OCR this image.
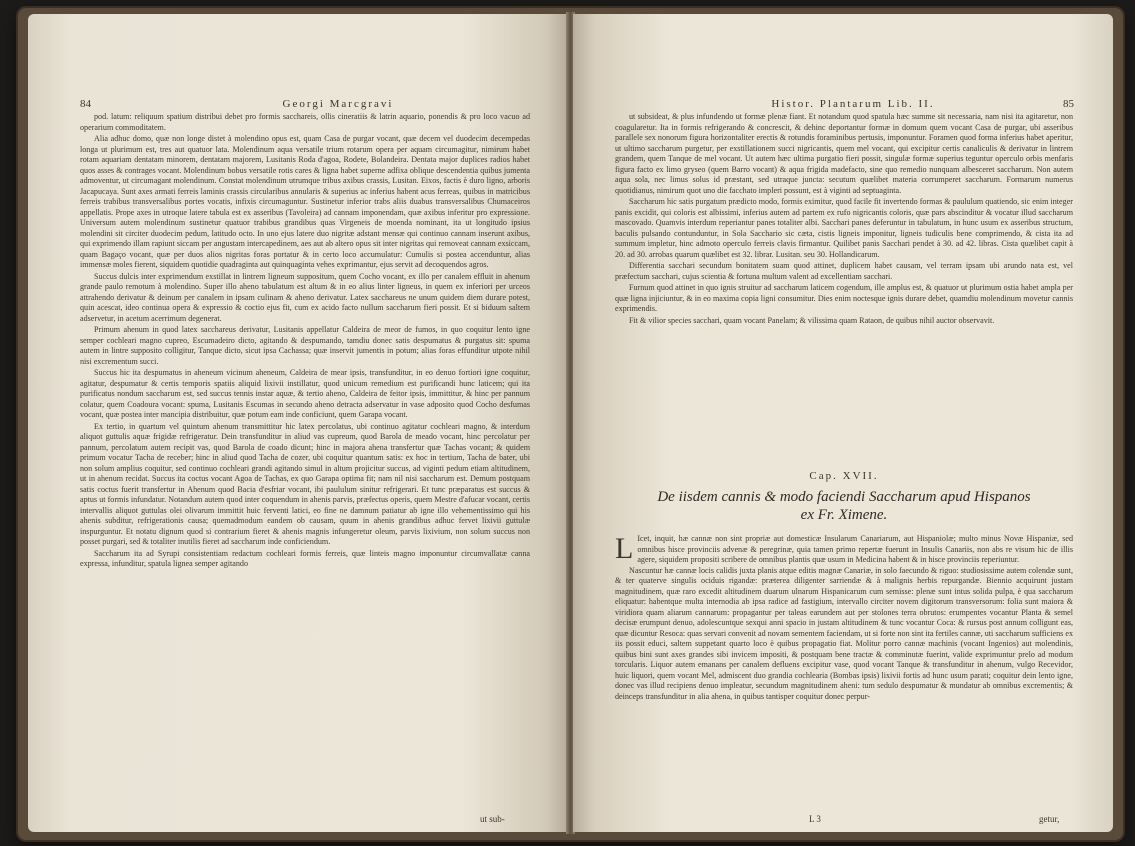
84	Georgi Marcgravi

pod. latum: reliquum spatium distribui debet pro formis sacchareis, ollis cineratiis & latrin aquario, ponendis & pro loco vacuo ad operarium commoditatem.

Alia adhuc domo, quæ non longe distet à molendino opus est, quam Casa de purgar vocant, quæ decem vel duodecim decempedas longa ut plurimum est, tres aut quatuor lata. Molendinum aqua versatile trium rotarum opera per aquam circumagitur, nimirum habet rotam aquariam dentatam minorem, dentatam majorem, Lusitanis Roda d'agoa, Rodete, Bolandeira. Dentata major duplices radios habet quos asses & contrages vocant. Molendinum bobus versatile rotis cares & ligna habet superne adfixa oblique descendentia quibus jumenta admoventur, ut circumagant molendinum. Constat molendinum utrumque tribus axibus crassis, Lusitan. Eixos, factis è duro ligno, arboris Jacapucaya. Sunt axes armati ferreis laminis crassis circularibus annularis & superius ac inferius habent acus ferreas, quibus in matricibus ferreis trabibus transversalibus portes vocatis, infixis circumaguntur. Sustinetur inferior trabs aliis duabus transversalibus Chumaceiros appellatis. Prope axes in utroque latere tabula est ex asseribus (Tavoleira) ad cannam imponendam, quæ axibus inferitur pro expressione. Universum autem molendinum sustinetur quatuor trabibus grandibus quas Virgeneis de moenda nominant, ita ut longitudo ipsius molendini sit circiter duodecim pedum, latitudo octo. In uno ejus latere duo nigritæ adstant mensæ qui continuo cannam inserunt axibus, qui exprimendo illam rapiunt siccam per angustam intercapedinem, aes aut ab altero opus sit inter nigritas qui removeat cannam exsiccam, quam Bagaço vocant, quæ per duos alios nigritas foras portatur & in certo loco accumulatur: Cumulis si postea accenduntur, alias immensæ moles fierent, siquidem quotidie quadraginta aut quinquaginta vehes exprimantur, ejus servit ad decoquendos agros.

Succus dulcis inter exprimendum exstillat in lintrem ligneum suppositum, quem Cocho vocant, ex illo per canalem effluit in ahenum grande paulo remotum à molendino. Super illo aheno tabulatum est altum & in eo alius linter ligneus, in quem ex inferiori per urceos attrahendo derivatur & deinum per canalem in ipsam culinam & aheno derivatur. Latex sacchareus ne unum quidem diem durare potest, quin acescat, ideo continua opera & expressio & coctio ejus fit, cum ex acido facto nullum saccharum fieri possit. Et si biduum saltem adservetur, in acetum acerrimum degenerat.

Primum ahenum in quod latex sacchareus derivatur, Lusitanis appellatur Caldeira de meor de fumos, in quo coquitur lento igne semper cochleari magno cupreo, Escumadeiro dicto, agitando & despumando, tamdiu donec satis despumatus & purgatus sit: spuma autem in lintre supposito colligitur, Tanque dicto, sicut ipsa Cachassa; quæ inservit jumentis in potum; alias foras effunditur utpote nihil nisi excrementum succi.

Succus hic ita despumatus in aheneum vicinum aheneum, Caldeira de mear ipsis, transfunditur, in eo denuo fortiori igne coquitur, agitatur, despumatur & certis temporis spatiis aliquid lixivii instillatur, quod unicum remedium est purificandi hunc laticem; qui ita purificatus nondum saccharum est, sed succus tennis instar aquæ, & tertio aheno, Caldeira de feitor ipsis, immittitur, & hinc per pannum colatur, quem Coadoura vocant: spuma, Lusitanis Escumas in secundo aheno detracta adservatur in vase adposito quod Cocho desfumas vocant, quæ postea inter mancipia distribuitur, quæ potum eam inde conficiunt, quem Garapa vocant.

Ex tertio, in quartum vel quintum ahenum transmittitur hic latex percolatus, ubi continuo agitatur cochleari magno, & interdum aliquot guttulis aquæ frigidæ refrigeratur. Dein transfunditur in aliud vas cupreum, quod Barola de meado vocant, hinc percolatur per pannum, percolatum autem recipit vas, quod Barola de coado dicunt; hinc in majora ahena transfertur quæ Tachas vocant; & quidem primum vocatur Tacha de receber; hinc in aliud quod Tacha de cozer, ubi coquitur quantum satis: ex hoc in tertium, Tacha de bater, ubi non solum amplius coquitur, sed continuo cochleari grandi agitando simul in altum projicitur succus, ad viginti pedum etiam altitudinem, ut in ahenum recidat. Succus ita coctus vocant Agoa de Tachas, ex quo Garapa optima fit; nam nil nisi saccharum est. Demum postquam satis coctus fuerit transfertur in Ahenum quod Bacia d'esfriar vocant, ibi paululum sinitur refrigerari. Et tunc præparatus est succus & aptus ut formis infundatur. Notandum autem quod inter coquendum in ahenis parvis, præfectus operis, quem Mestre d'afucar vocant, certis intervallis aliquot guttulas olei olivarum immittit huic ferventi latici, eo fine ne damnum patiatur ab igne illo vehementissimo qui his ahenis subditur, refrigerationis causa; quemadmodum eandem ob causam, quum in ahenis grandibus adhuc fervet lixivii guttulæ inspurguntur. Et notatu dignum quod si contrarium fieret & ahenis magnis infungeretur oleum, parvis lixivium, non solum succus non posset purgari, sed & totaliter inutilis fieret ad saccharum inde conficiendum.

Saccharum ita ad Syrupi consistentiam redactum cochleari formis ferreis, quæ linteis magno imponuntur circumvallatæ canna expressa, infunditur, spatula lignea semper agitando

ut sub-
Histor. Plantarum Lib. II.	85

ut subsideat, & plus infundendo ut formæ plenæ fiant. Et notandum quod spatula hæc summe sit necessaria, nam nisi ita agitaretur, non coagularetur. Ita in formis refrigerando & concrescit, & dehinc deportantur formæ in domum quem vocant Casa de purgar, ubi asseribus parallele sex nonorum figura horizontaliter erectis & rotundis foraminibus pertusis, imponuntur. Foramen quod forma inferius habet aperitur, ut ultimo saccharum purgetur, per exstillationem succi nigricantis, quem mel vocant, qui excipitur certis canaliculis & derivatur in lintrem grandem, quem Tanque de mel vocant. Ut autem hæc ultima purgatio fieri possit, singulæ formæ superius teguntur operculo orbis menfaris figura facto ex limo gryseo (quem Barro vocant) & aqua frigida madefacto, sine quo remedio nunquam albesceret saccharum. Non autem aqua sola, nec limus solus id præstant, sed utraque juncta: secutum quælibet materia corrumperet saccharum. Formarum numerus quotidianus, nimirum quot uno die facchato impleri possunt, est à viginti ad septuaginta.

Saccharum hic satis purgatum prædicto modo, formis eximitur, quod facile fit invertendo formas & paululum quatiendo, sic enim integer panis excidit, qui coloris est albissimi, inferius autem ad partem ex rufo nigricantis coloris, quæ pars abscinditur & vocatur illud saccharum mascovado. Quamvis interdum reperiantur panes totaliter albi. Sacchari panes deferuntur in tabulatum, in hunc usum ex asseribus structum, baculis pulsando contunduntur, in Sola Sacchario sic cæta, cistis ligneis imponitur, ligneis tudiculis bene comprimendo, & cista ita ad summum impletur, hinc admoto operculo ferreis clavis firmantur. Quilibet panis Sacchari pendet à 30. ad 42. libras. Cista quælibet capit à 20. ad 30. arrobas quarum quælibet est 32. librar. Lusitan. seu 30. Hollandicarum.

Differentia sacchari secundum bonitatem suam quod attinet, duplicem habet causam, vel terram ipsam ubi arundo nata est, vel præfectum sacchari, cujus scientia & fortuna multum valent ad excellentiam sacchari.

Furnum quod attinet in quo ignis struitur ad saccharum laticem cogendum, ille amplus est, & quatuor ut plurimum ostia habet ampla per quæ ligna injiciuntur, & in eo maxima copia ligni consumitur. Dies enim noctesque ignis durare debet, quamdiu molendinum movetur cannis exprimendis.

Fit & vilior species sacchari, quam vocant Panelam; & vilissima quam Rataon, de quibus nihil auctor observavit.

Cap. XVII.
De iisdem cannis & modo faciendi Saccharum apud Hispanos ex Fr. Ximene.
L Icet, inquit, hæ cannæ non sint propriæ aut domesticæ Insularum Canariarum, aut Hispaniolæ; multo minus Novæ Hispaniæ, sed omnibus hisce provinciis advenæ & peregrinæ, quia tamen primo repertæ fuerunt in Insulis Canariis, non abs re visum hic de illis agere, siquidem propositi scribere de omnibus plantis quæ usum in Medicina habent & in hisce provinciis reperiuntur.

Nascuntur hæ cannæ locis calidis juxta planis atque editis magnæ Canariæ, in solo faecundo & riguo: studiosissime autem colendæ sunt, & ter quaterve singulis ociduis rigandæ: præterea diligenter sarriendæ & à malignis herbis repurgandæ. Biennio acquirunt justam magnitudinem, quæ raro excedit altitudinem duarum ulnarum Hispanicarum cum semisse: plenæ sunt intus solida pulpa, è qua saccharum eliquatur: habentque multa internodia ab ipsa radice ad fastigium, intervallo circiter novem digitorum transversorum: folia sunt maiora & viridiora quam aliarum cannarum: propagantur per taleas earundem aut per stolones terra obrutos: erumpentes vocantur Planta & semel decisæ erumpunt denuo, adolescuntque sexqui anni spacio in justam altitudinem & tunc vocantur Coca: & rursus post annum colligunt eas, quæ dicuntur Resoca: quas servari convenit ad novam sementem faciendam, ut si forte non sint ita fertiles cannæ, uti saccharum sufficiens ex iis possit educi, saltem suppetant quarto loco è quibus propagatio fiat. Molitur porro cannæ machinis (vocant Ingenios) aut molendinis, quibus bini sunt axes grandes sibi invicem impositi, & postquam bene tractæ & comminutæ fuerint, valide exprimuntur prelo ad modum torcularis. Liquor autem emanans per canalem defluens excipitur vase, quod vocant Tanque & transfunditur in ahenum, vulgo Recevidor, huic liquori, quem vocant Mel, admiscent duo grandia cochlearia (Bombas ipsis) lixivii fortis ad hunc usum parati; coquitur dein lento igne, donec vas illud recipiens denuo impleatur, secundum magnitudinem aheni: tum sedulo despumatur & mundatur ab omnibus excrementis; & deinceps transfunditur in alia ahena, in quibus tantisper coquitur donec perpur-

L 3	getur,
